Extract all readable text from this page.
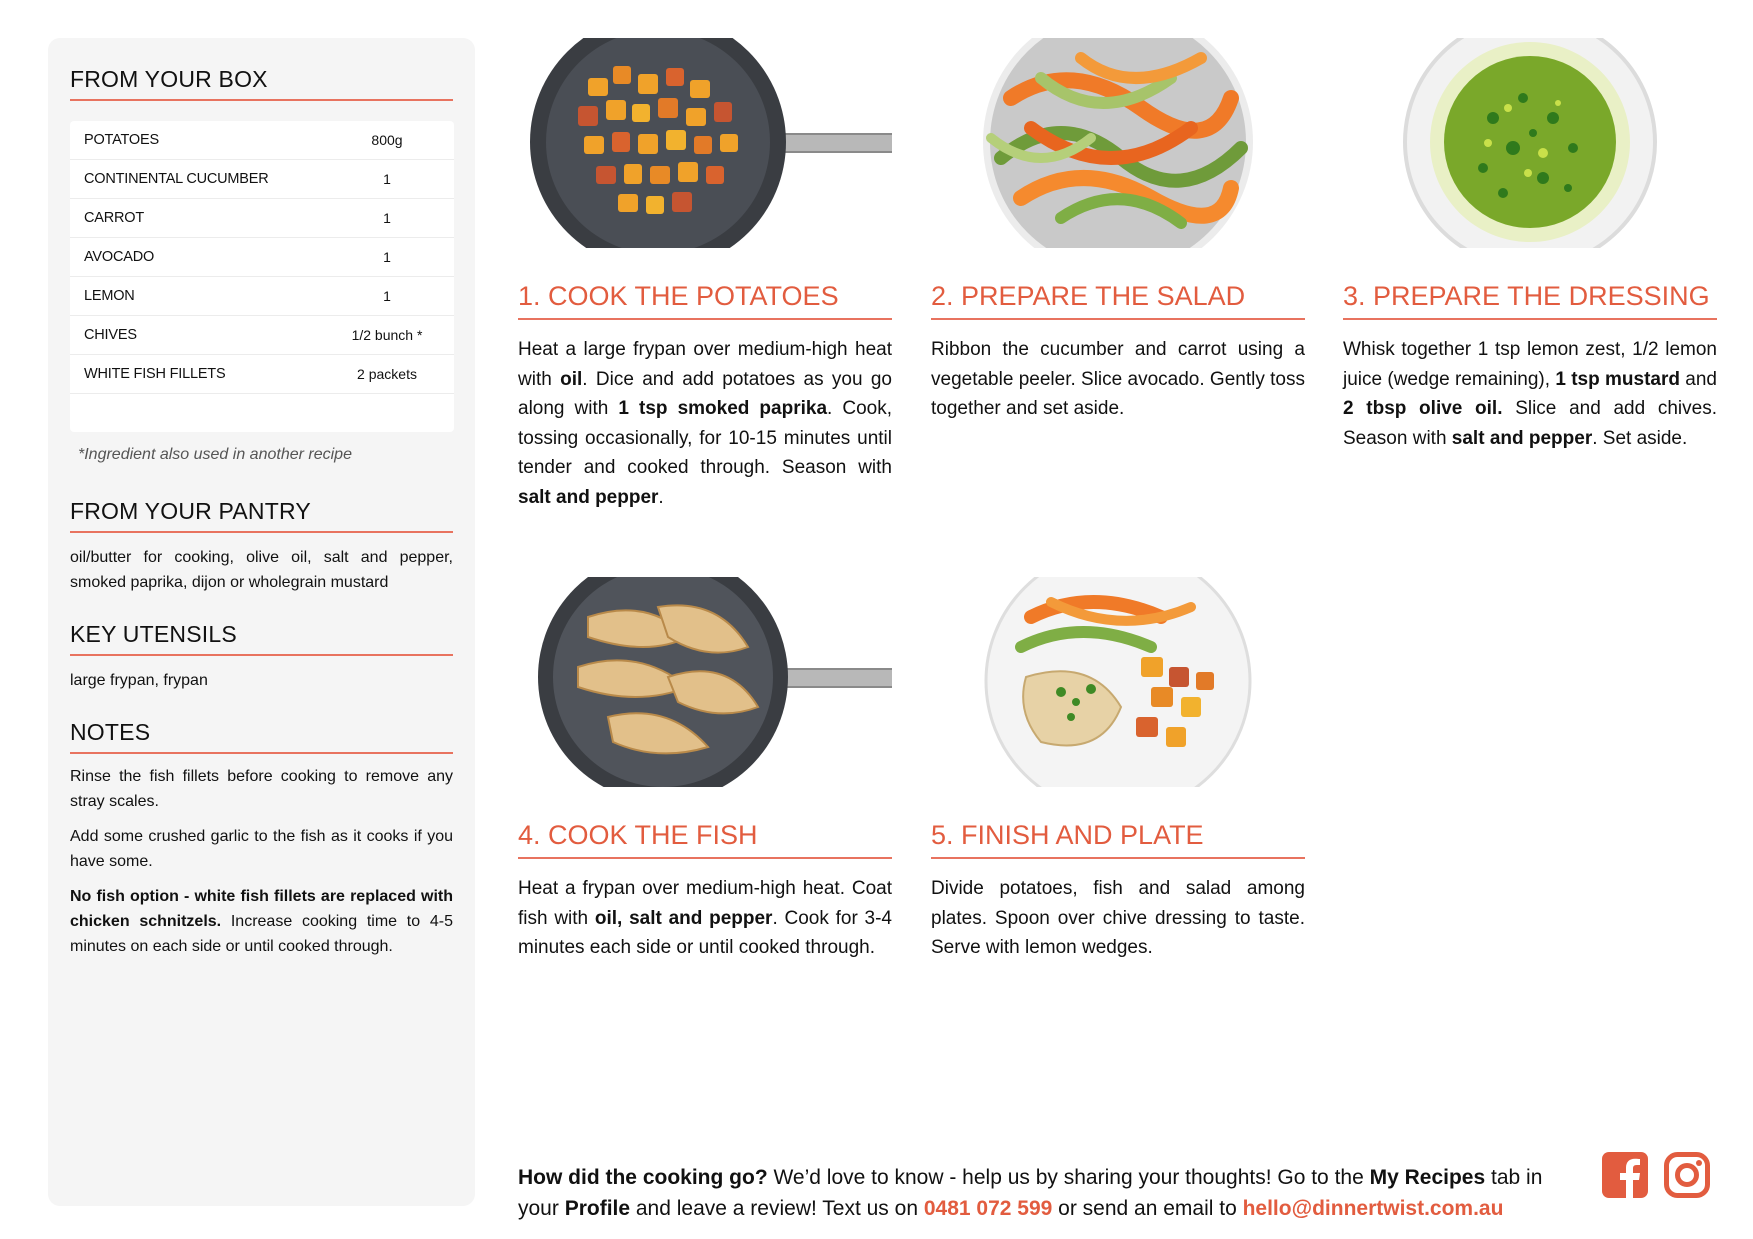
FROM YOUR BOX
POTATOES	800g
CONTINENTAL CUCUMBER	1
CARROT	1
AVOCADO	1
LEMON	1
CHIVES	1/2 bunch *
WHITE FISH FILLETS	2 packets

*Ingredient also used in another recipe

FROM YOUR PANTRY

oil/butter for cooking, olive oil, salt and pepper, smoked paprika, dijon or wholegrain mustard

KEY UTENSILS

large frypan, frypan

NOTES

Rinse the fish fillets before cooking to remove any stray scales.

Add some crushed garlic to the fish as it cooks if you have some.

No fish option - white fish fillets are replaced with chicken schnitzels. Increase cooking time to 4-5 minutes on each side or until cooked through.

1. COOK THE POTATOES

Heat a large frypan over medium-high heat with oil. Dice and add potatoes as you go along with 1 tsp smoked paprika. Cook, tossing occasionally, for 10-15 minutes until tender and cooked through. Season with salt and pepper.

2. PREPARE THE SALAD

Ribbon the cucumber and carrot using a vegetable peeler. Slice avocado. Gently toss together and set aside.

3. PREPARE THE DRESSING

Whisk together 1 tsp lemon zest, 1/2 lemon juice (wedge remaining), 1 tsp mustard and 2 tbsp olive oil. Slice and add chives. Season with salt and pepper. Set aside.

4. COOK THE FISH

Heat a frypan over medium-high heat. Coat fish with oil, salt and pepper. Cook for 3-4 minutes each side or until cooked through.

5. FINISH AND PLATE

Divide potatoes, fish and salad among plates. Spoon over chive dressing to taste. Serve with lemon wedges.

How did the cooking go? We’d love to know - help us by sharing your thoughts! Go to the My Recipes tab in your Profile and leave a review! Text us on 0481 072 599 or send an email to hello@dinnertwist.com.au
